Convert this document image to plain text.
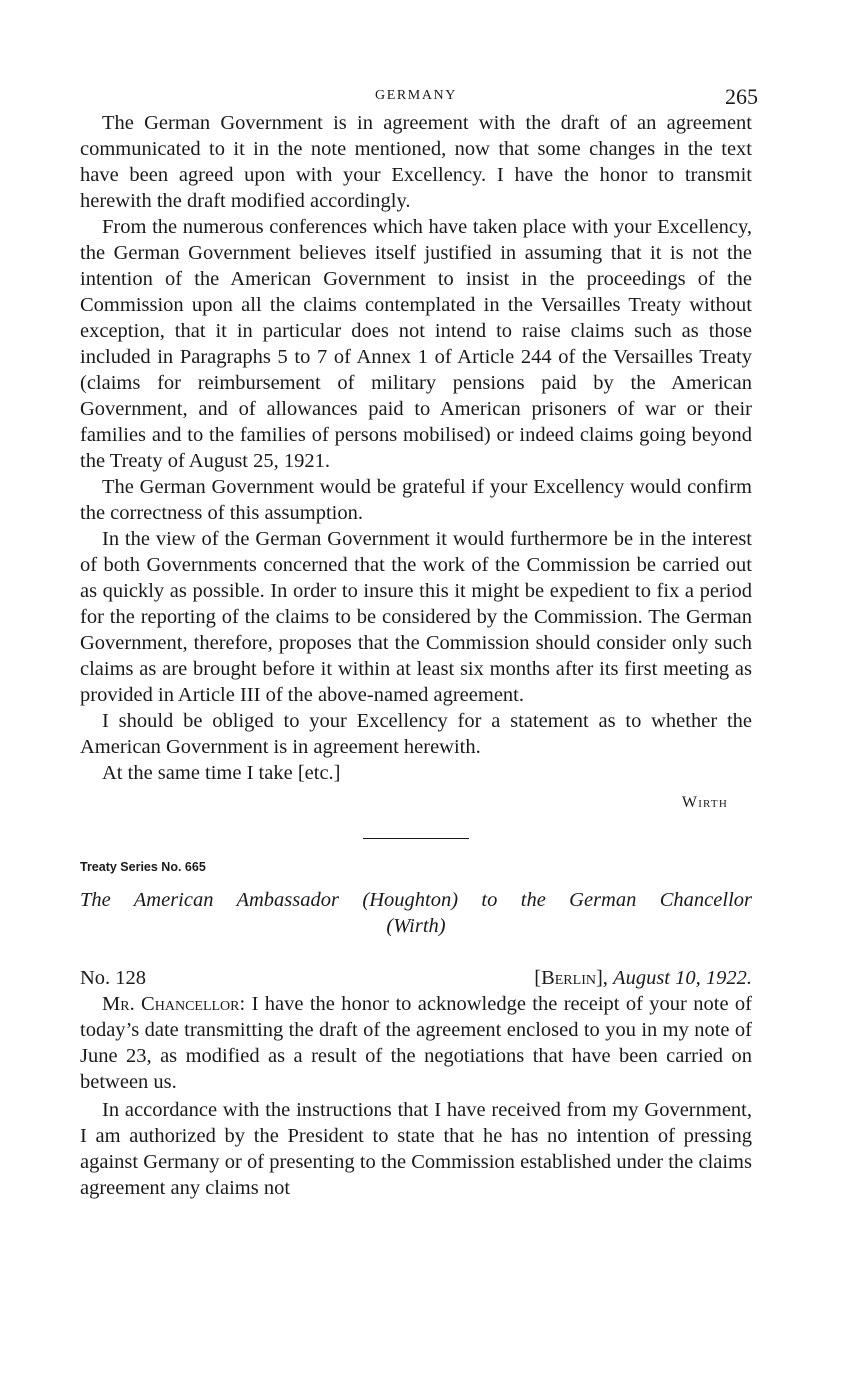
GERMANY	265

The German Government is in agreement with the draft of an agreement communicated to it in the note mentioned, now that some changes in the text have been agreed upon with your Excellency. I have the honor to transmit herewith the draft modified accordingly.

From the numerous conferences which have taken place with your Excellency, the German Government believes itself justified in assuming that it is not the intention of the American Government to insist in the proceedings of the Commission upon all the claims contemplated in the Versailles Treaty without exception, that it in particular does not intend to raise claims such as those included in Paragraphs 5 to 7 of Annex 1 of Article 244 of the Versailles Treaty (claims for reimbursement of military pensions paid by the American Government, and of allowances paid to American prisoners of war or their families and to the families of persons mobilised) or indeed claims going beyond the Treaty of August 25, 1921.

The German Government would be grateful if your Excellency would confirm the correctness of this assumption.

In the view of the German Government it would furthermore be in the interest of both Governments concerned that the work of the Commission be carried out as quickly as possible. In order to insure this it might be expedient to fix a period for the reporting of the claims to be considered by the Commission. The German Government, therefore, proposes that the Commission should consider only such claims as are brought before it within at least six months after its first meeting as provided in Article III of the above-named agreement.

I should be obliged to your Excellency for a statement as to whether the American Government is in agreement herewith.

At the same time I take [etc.]

Wirth

Treaty Series No. 665

The American Ambassador (Houghton) to the German Chancellor
(Wirth)
No. 128	[Berlin], August 10, 1922.

Mr. Chancellor: I have the honor to acknowledge the receipt of your note of today’s date transmitting the draft of the agreement enclosed to you in my note of June 23, as modified as a result of the negotiations that have been carried on between us.

In accordance with the instructions that I have received from my Government, I am authorized by the President to state that he has no intention of pressing against Germany or of presenting to the Commission established under the claims agreement any claims not
